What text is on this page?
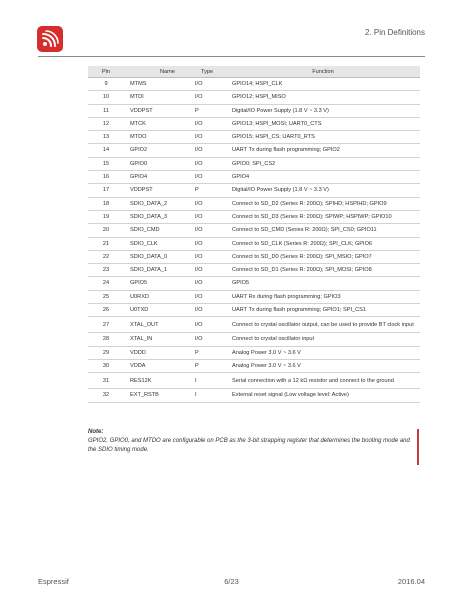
2. Pin Definitions
Pin	Name	Type	Function
9	MTMS	I/O	GPIO14; HSPI_CLK
10	MTDI	I/O	GPIO12; HSPI_MISO
11	VDDPST	P	Digital/IO Power Supply (1.8 V ~ 3.3 V)
12	MTCK	I/O	GPIO13; HSPI_MOSI; UART0_CTS
13	MTDO	I/O	GPIO15; HSPI_CS; UART0_RTS
14	GPIO2	I/O	UART Tx during flash programming; GPIO2
15	GPIO0	I/O	GPIO0; SPI_CS2
16	GPIO4	I/O	GPIO4
17	VDDPST	P	Digital/IO Power Supply (1.8 V ~ 3.3 V)
18	SDIO_DATA_2	I/O	Connect to SD_D2 (Series R: 200Ω); SPIHD; HSPIHD; GPIO9
19	SDIO_DATA_3	I/O	Connect to SD_D3 (Series R: 200Ω); SPIWP; HSPIWP; GPIO10
20	SDIO_CMD	I/O	Connect to SD_CMD (Series R: 200Ω); SPI_CS0; GPIO11
21	SDIO_CLK	I/O	Connect to SD_CLK (Series R: 200Ω); SPI_CLK; GPIO6
22	SDIO_DATA_0	I/O	Connect to SD_D0 (Series R: 200Ω); SPI_MSIO; GPIO7
23	SDIO_DATA_1	I/O	Connect to SD_D1 (Series R: 200Ω); SPI_MOSI; GPIO8
24	GPIO5	I/O	GPIO5
25	U0RXD	I/O	UART Rx during flash programming; GPIO3
26	U0TXD	I/O	UART Tx during flash programming; GPIO1; SPI_CS1
27	XTAL_OUT	I/O	Connect to crystal oscillator output, can be used to provide BT clock input
28	XTAL_IN	I/O	Connect to crystal oscillator input
29	VDDD	P	Analog Power 3.0 V ~ 3.6 V
30	VDDA	P	Analog Power 3.0 V ~ 3.6 V
31	RES12K	I	Serial connection with a 12 kΩ resistor and connect to the ground
32	EXT_RSTB	I	External reset signal (Low voltage level: Active)
Note:
GPIO2, GPIO0, and MTDO are configurable on PCB as the 3-bit strapping register that determines the booting mode and the SDIO timing mode.
Espressif	6/23	2016.04
